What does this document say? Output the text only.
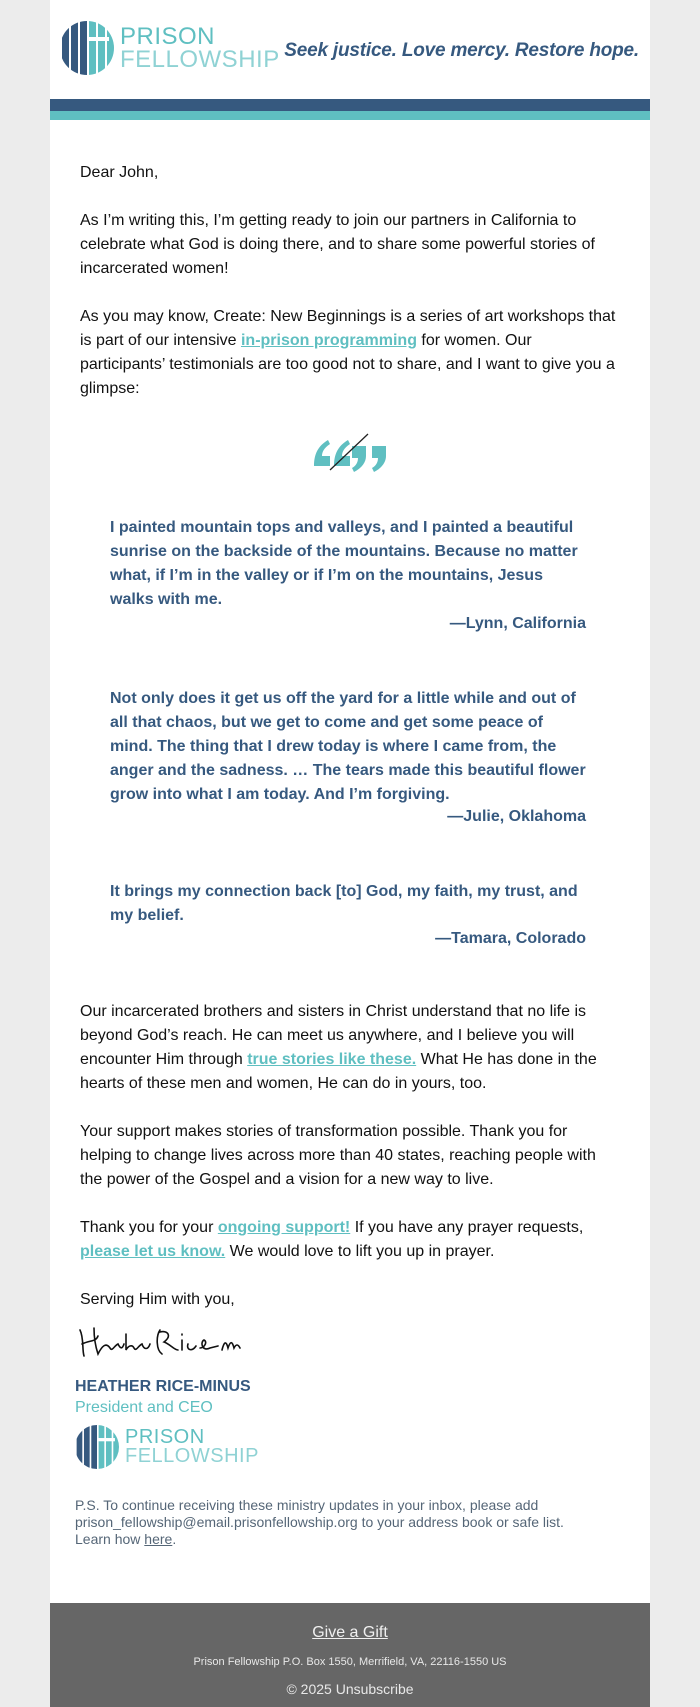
PRISON
FELLOWSHIP Seek justice. Love mercy. Restore hope.

Dear John,

As I’m writing this, I’m getting ready to join our partners in California to celebrate what God is doing there, and to share some powerful stories of incarcerated women!

As you may know, Create: New Beginnings is a series of art workshops that is part of our intensive in-prison programming for women. Our participants’ testimonials are too good not to share, and I want to give you a glimpse:

I painted mountain tops and valleys, and I painted a beautiful sunrise on the backside of the mountains. Because no matter what, if I’m in the valley or if I’m on the mountains, Jesus walks with me.

—Lynn, California

Not only does it get us off the yard for a little while and out of all that chaos, but we get to come and get some peace of mind. The thing that I drew today is where I came from, the anger and the sadness. … The tears made this beautiful flower grow into what I am today. And I’m forgiving.

—Julie, Oklahoma

It brings my connection back [to] God, my faith, my trust, and my belief.

—Tamara, Colorado

Our incarcerated brothers and sisters in Christ understand that no life is beyond God’s reach. He can meet us anywhere, and I believe you will encounter Him through true stories like these. What He has done in the hearts of these men and women, He can do in yours, too.

Your support makes stories of transformation possible. Thank you for helping to change lives across more than 40 states, reaching people with the power of the Gospel and a vision for a new way to live.

Thank you for your ongoing support! If you have any prayer requests, please let us know. We would love to lift you up in prayer.

Serving Him with you,

HEATHER RICE-MINUS
President and CEO
PRISON
FELLOWSHIP

P.S. To continue receiving these ministry updates in your inbox, please add prison_fellowship@email.prisonfellowship.org to your address book or safe list. Learn how here.

Give a Gift
Prison Fellowship P.O. Box 1550, Merrifield, VA, 22116-1550 US
© 2025 Unsubscribe
